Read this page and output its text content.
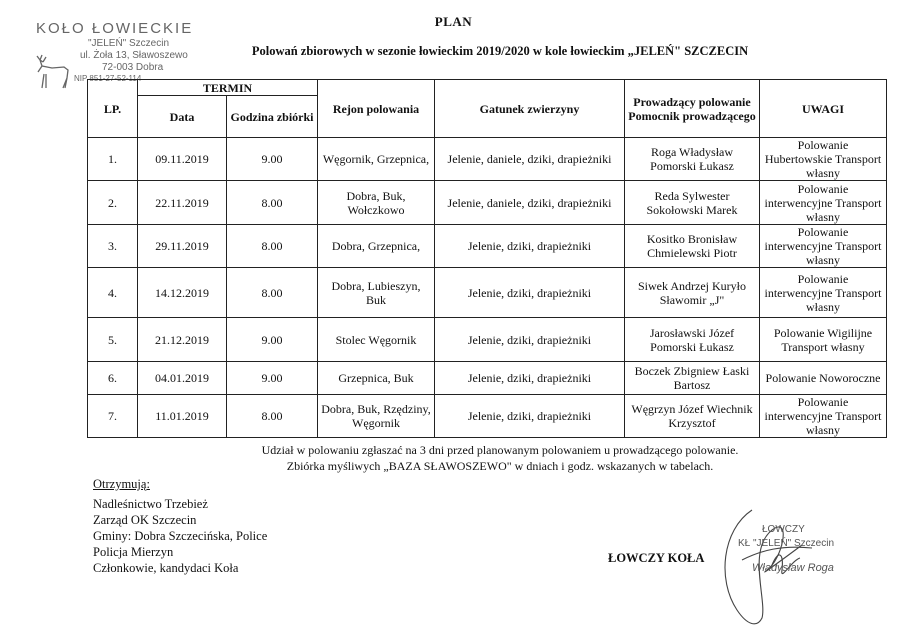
KOŁO ŁOWIECKIE
"JELEŃ" Szczecin
ul. Żoła 13, Sławoszewo
72-003 Dobra
NIP 851-27-52-114
PLAN
Polowań zbiorowych w sezonie łowieckim 2019/2020 w kole łowieckim „JELEŃ" SZCZECIN
LP.	TERMIN		Rejon polowania	Gatunek zwierzyny	Prowadzący polowanie Pomocnik prowadzącego	UWAGI
	Data	Godzina zbiórki				
1.	09.11.2019	9.00	Węgornik, Grzepnica,	Jelenie, daniele, dziki, drapieżniki	Roga Władysław Pomorski Łukasz	Polowanie Hubertowskie Transport własny
2.	22.11.2019	8.00	Dobra, Buk, Wołczkowo	Jelenie, daniele, dziki, drapieżniki	Reda Sylwester Sokołowski Marek	Polowanie interwencyjne Transport własny
3.	29.11.2019	8.00	Dobra, Grzepnica,	Jelenie, dziki, drapieżniki	Kositko Bronisław Chmielewski Piotr	Polowanie interwencyjne Transport własny
4.	14.12.2019	8.00	Dobra, Lubieszyn, Buk	Jelenie, dziki, drapieżniki	Siwek Andrzej Kuryło Sławomir „J"	Polowanie interwencyjne Transport własny
5.	21.12.2019	9.00	Stolec Węgornik	Jelenie, dziki, drapieżniki	Jarosławski Józef Pomorski Łukasz	Polowanie Wigilijne Transport własny
6.	04.01.2019	9.00	Grzepnica, Buk	Jelenie, dziki, drapieżniki	Boczek Zbigniew Łaski Bartosz	Polowanie Noworoczne
7.	11.01.2019	8.00	Dobra, Buk, Rzędziny, Węgornik	Jelenie, dziki, drapieżniki	Węgrzyn Józef Wiechnik Krzysztof	Polowanie interwencyjne Transport własny
Udział w polowaniu zgłaszać na 3 dni przed planowanym polowaniem u prowadzącego polowanie.
Zbiórka myśliwych „BAZA SŁAWOSZEWO" w dniach i godz. wskazanych w tabelach.
Otrzymują:
Nadleśnictwo Trzebież
Zarząd OK Szczecin
Gminy: Dobra Szczecińska, Police
Policja Mierzyn
Członkowie, kandydaci Koła
ŁOWCZY KOŁA
ŁOWCZY
KŁ "JELEŃ" Szczecin
Władysław Roga
